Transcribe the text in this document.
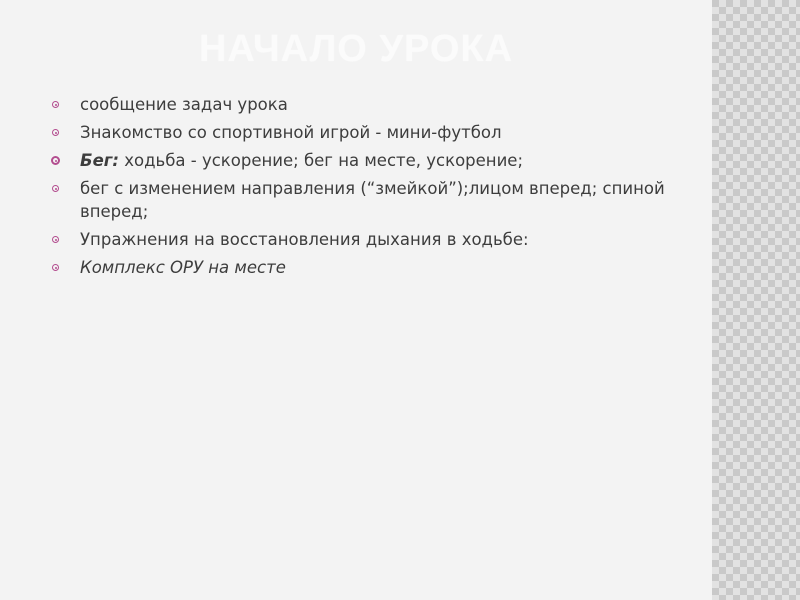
НАЧАЛО УРОКА
сообщение задач урока
Знакомство со спортивной игрой - мини-футбол
Бег: ходьба - ускорение; бег на месте, ускорение;
бег с изменением направления (“змейкой”);лицом вперед; спиной вперед;
Упражнения на восстановления дыхания в ходьбе:
Комплекс ОРУ на месте
